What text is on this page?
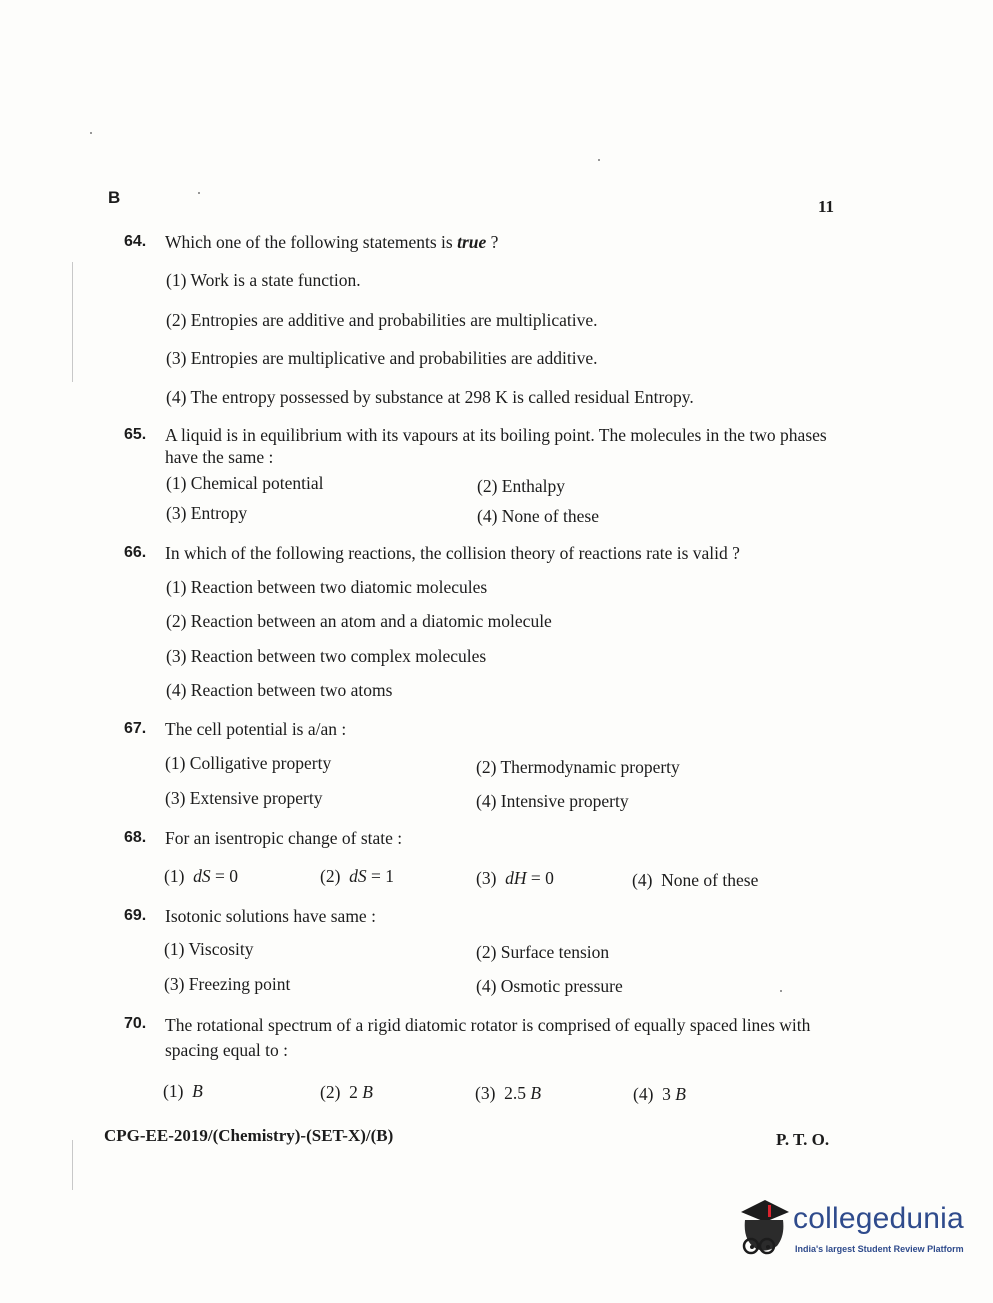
B	11
64. Which one of the following statements is true ?
(1) Work is a state function.
(2) Entropies are additive and probabilities are multiplicative.
(3) Entropies are multiplicative and probabilities are additive.
(4) The entropy possessed by substance at 298 K is called residual Entropy.
65. A liquid is in equilibrium with its vapours at its boiling point. The molecules in the two phases have the same :
(1) Chemical potential	(2) Enthalpy
(3) Entropy	(4) None of these
66. In which of the following reactions, the collision theory of reactions rate is valid ?
(1) Reaction between two diatomic molecules
(2) Reaction between an atom and a diatomic molecule
(3) Reaction between two complex molecules
(4) Reaction between two atoms
67. The cell potential is a/an :
(1) Colligative property	(2) Thermodynamic property
(3) Extensive property	(4) Intensive property
68. For an isentropic change of state :
(1) dS = 0	(2) dS = 1	(3) dH = 0	(4) None of these
69. Isotonic solutions have same :
(1) Viscosity	(2) Surface tension
(3) Freezing point	(4) Osmotic pressure
70. The rotational spectrum of a rigid diatomic rotator is comprised of equally spaced lines with spacing equal to :
(1) B	(2) 2 B	(3) 2.5 B	(4) 3 B
CPG-EE-2019/(Chemistry)-(SET-X)/(B)	P. T. O.
collegedunia
India's largest Student Review Platform
